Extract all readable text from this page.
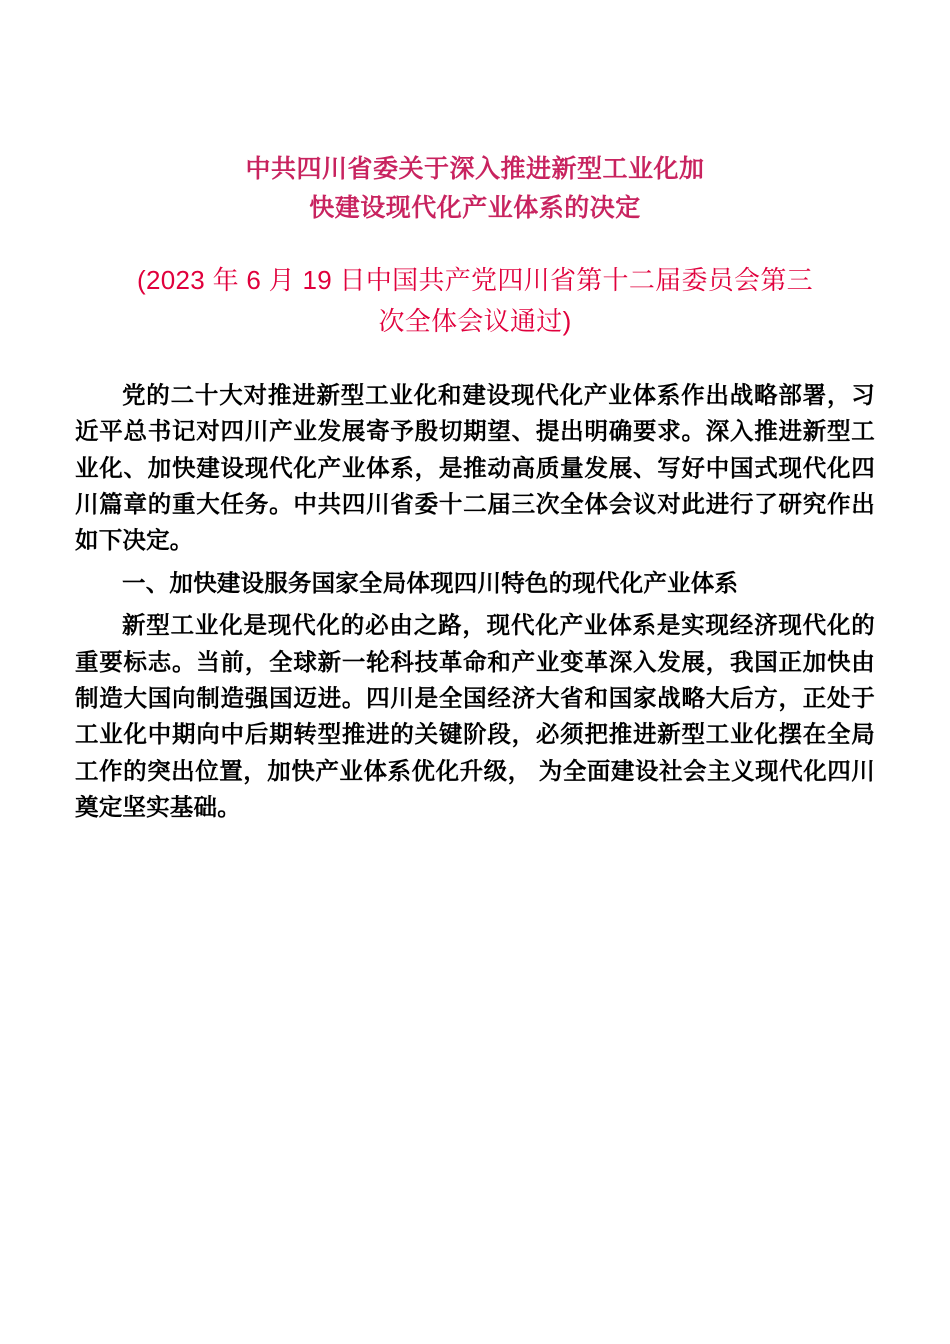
中共四川省委关于深入推进新型工业化加
快建设现代化产业体系的决定
(2023 年 6 月 19 日中国共产党四川省第十二届委员会第三
次全体会议通过)

党的二十大对推进新型工业化和建设现代化产业体系作出战略部署，习近平总书记对四川产业发展寄予殷切期望、提出明确要求。深入推进新型工业化、加快建设现代化产业体系，是推动高质量发展、写好中国式现代化四川篇章的重大任务。中共四川省委十二届三次全体会议对此进行了研究作出如下决定。

一、加快建设服务国家全局体现四川特色的现代化产业体系

新型工业化是现代化的必由之路，现代化产业体系是实现经济现代化的重要标志。当前，全球新一轮科技革命和产业变革深入发展，我国正加快由制造大国向制造强国迈进。四川是全国经济大省和国家战略大后方，正处于工业化中期向中后期转型推进的关键阶段，必须把推进新型工业化摆在全局工作的突出位置，加快产业体系优化升级， 为全面建设社会主义现代化四川奠定坚实基础。
